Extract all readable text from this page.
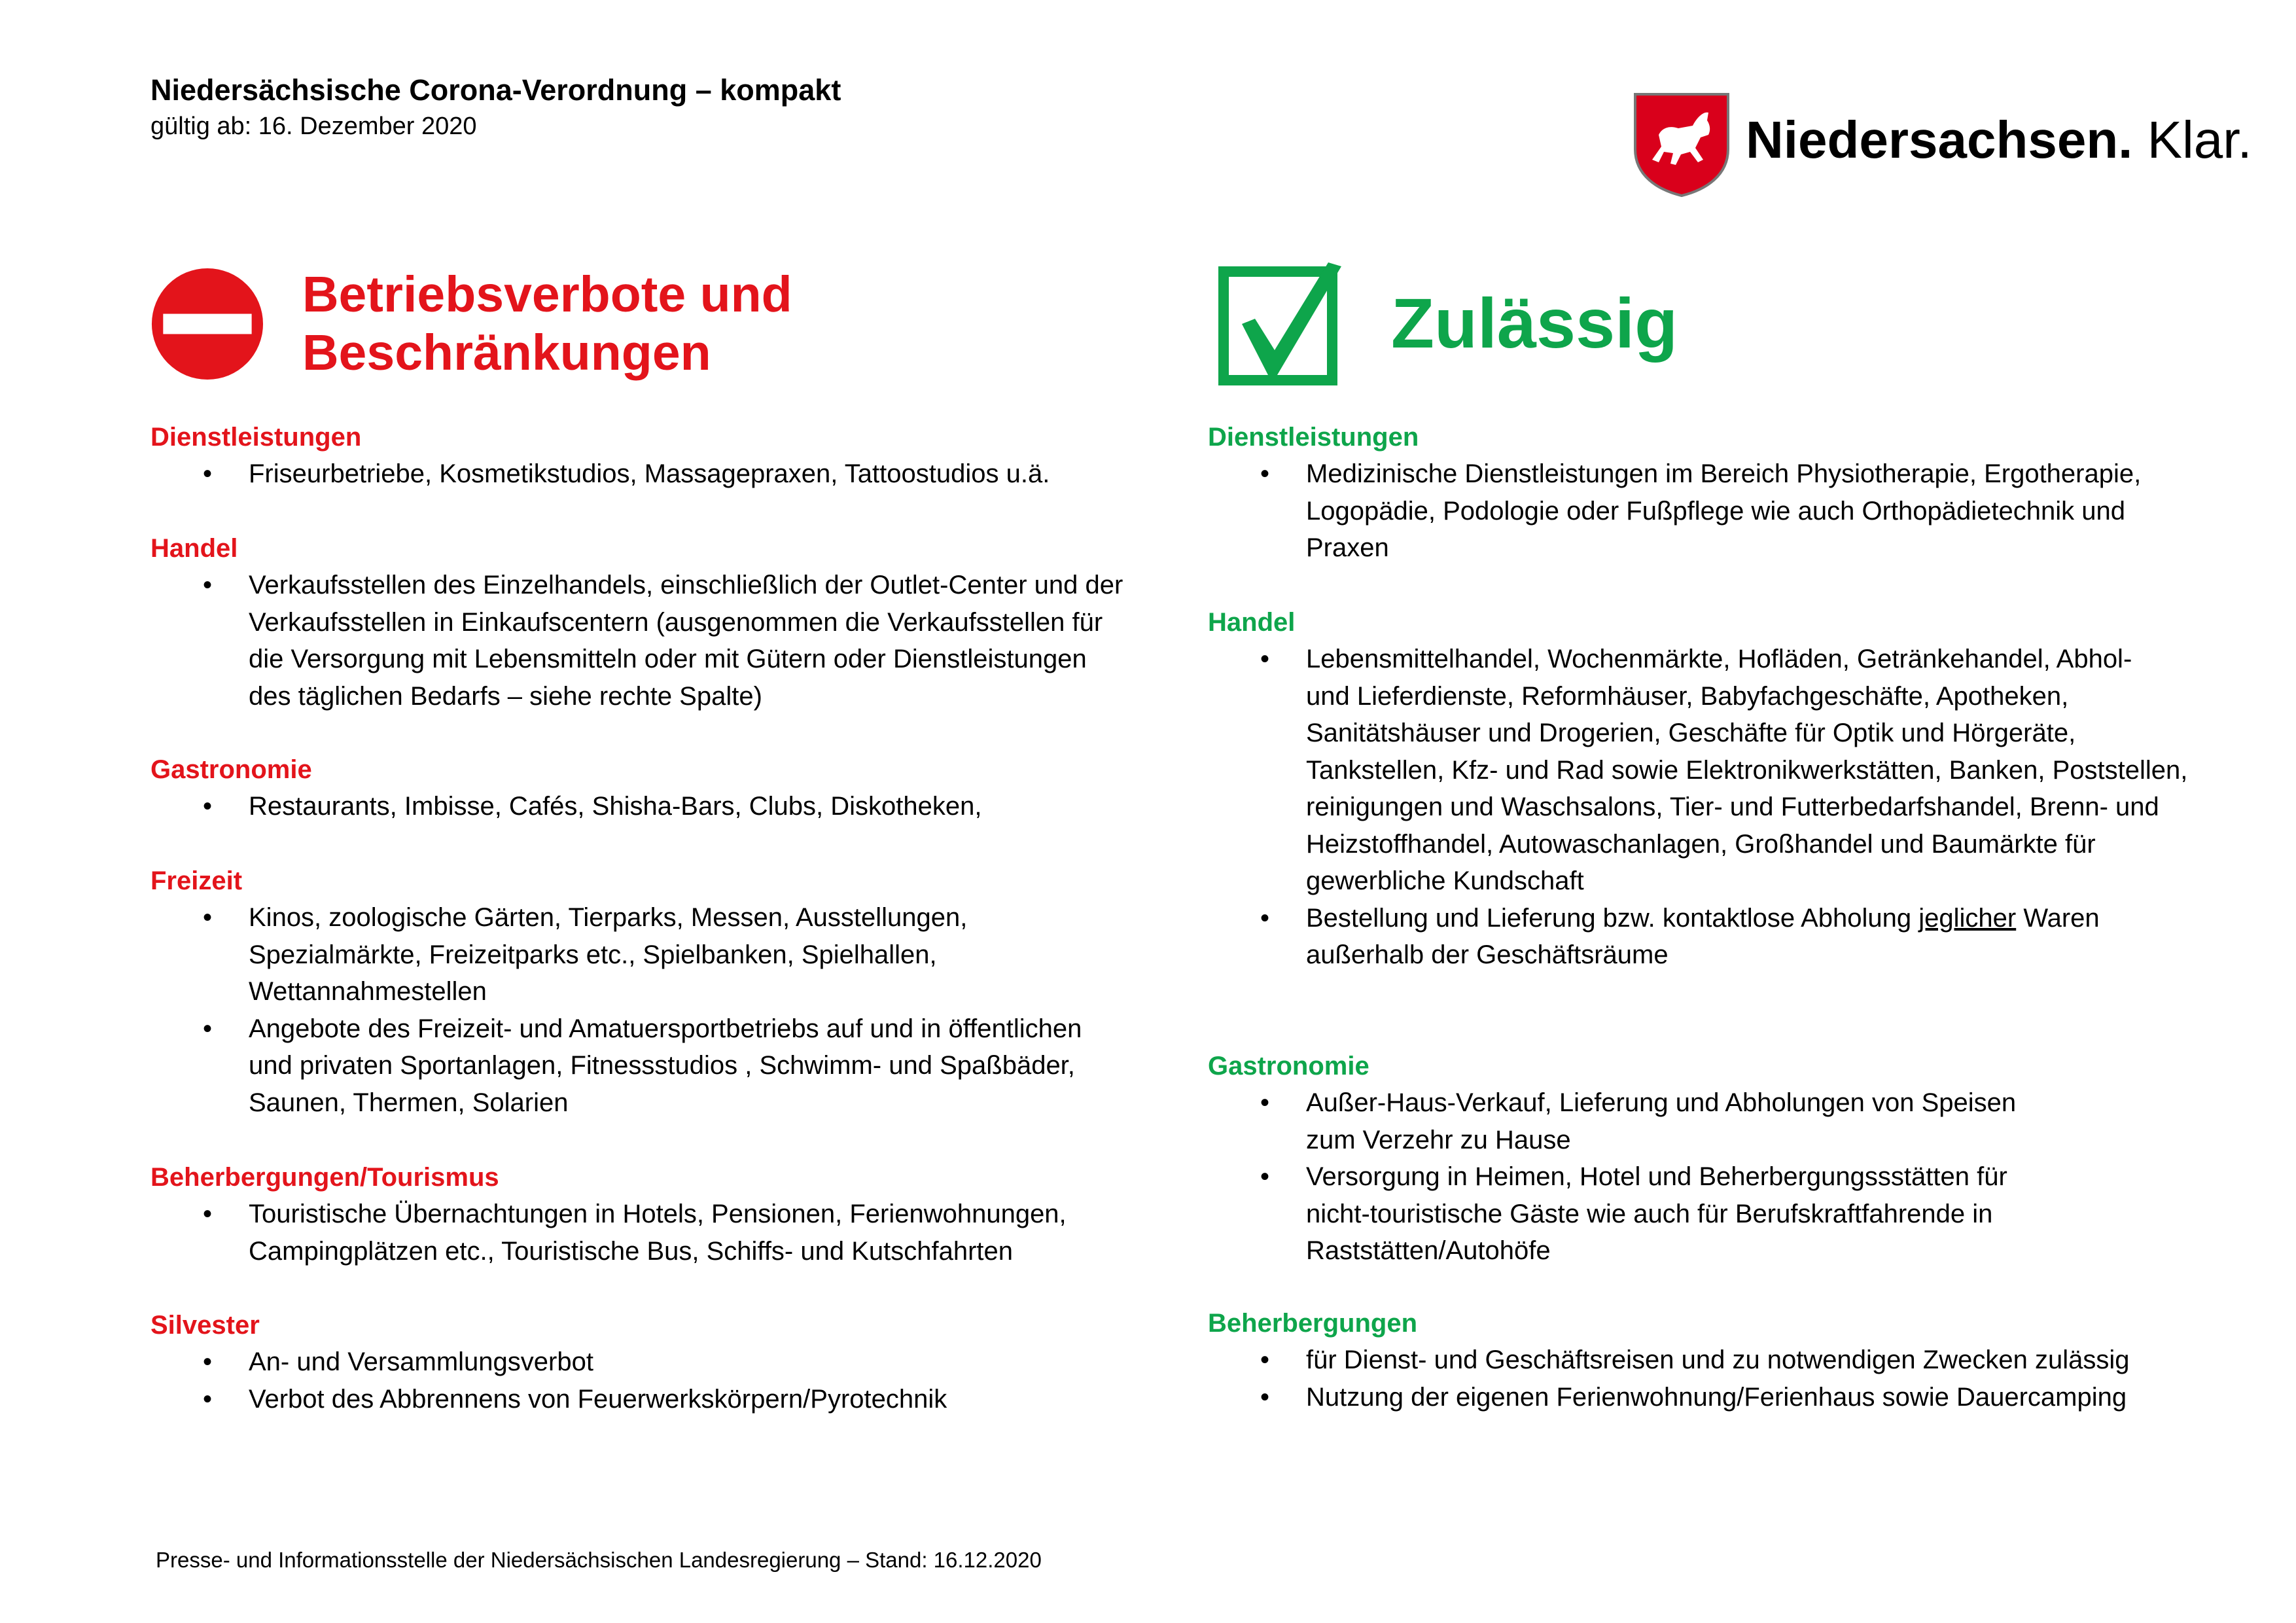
Niedersächsische Corona-Verordnung – kompakt
gültig ab: 16. Dezember 2020	Niedersachsen. Klar.
Betriebsverbote und Beschränkungen
Dienstleistungen
• Friseurbetriebe, Kosmetikstudios, Massagepraxen, Tattoostudios u.ä.
Handel
• Verkaufsstellen des Einzelhandels, einschließlich der Outlet-Center und der
Verkaufsstellen in Einkaufscentern (ausgenommen die Verkaufsstellen für
die Versorgung mit Lebensmitteln oder mit Gütern oder Dienstleistungen
des täglichen Bedarfs – siehe rechte Spalte)
Gastronomie
• Restaurants, Imbisse, Cafés, Shisha-Bars, Clubs, Diskotheken,
Freizeit
• Kinos, zoologische Gärten, Tierparks, Messen, Ausstellungen,
Spezialmärkte, Freizeitparks etc., Spielbanken, Spielhallen,
Wettannahmestellen
• Angebote des Freizeit- und Amatuersportbetriebs auf und in öffentlichen
und privaten Sportanlagen, Fitnessstudios , Schwimm- und Spaßbäder,
Saunen, Thermen, Solarien
Beherbergungen/Tourismus
• Touristische Übernachtungen in Hotels, Pensionen, Ferienwohnungen,
Campingplätzen etc., Touristische Bus, Schiffs- und Kutschfahrten
Silvester
• An- und Versammlungsverbot
• Verbot des Abbrennens von Feuerwerkskörpern/Pyrotechnik
Zulässig
Dienstleistungen
• Medizinische Dienstleistungen im Bereich Physiotherapie, Ergotherapie,
Logopädie, Podologie oder Fußpflege wie auch Orthopädietechnik und
Praxen
Handel
• Lebensmittelhandel, Wochenmärkte, Hofläden, Getränkehandel, Abhol-
und Lieferdienste, Reformhäuser, Babyfachgeschäfte, Apotheken,
Sanitätshäuser und Drogerien, Geschäfte für Optik und Hörgeräte,
Tankstellen, Kfz- und Rad sowie Elektronikwerkstätten, Banken, Poststellen,
reinigungen und Waschsalons, Tier- und Futterbedarfshandel, Brenn- und
Heizstoffhandel, Autowaschanlagen, Großhandel und Baumärkte für
gewerbliche Kundschaft
• Bestellung und Lieferung bzw. kontaktlose Abholung jeglicher Waren
außerhalb der Geschäftsräume
Gastronomie
• Außer-Haus-Verkauf, Lieferung und Abholungen von Speisen
zum Verzehr zu Hause
• Versorgung in Heimen, Hotel und Beherbergungssstätten für
nicht-touristische Gäste wie auch für Berufskraftfahrende in
Raststätten/Autohöfe
Beherbergungen
• für Dienst- und Geschäftsreisen und zu notwendigen Zwecken zulässig
• Nutzung der eigenen Ferienwohnung/Ferienhaus sowie Dauercamping
Presse- und Informationsstelle der Niedersächsischen Landesregierung – Stand: 16.12.2020
